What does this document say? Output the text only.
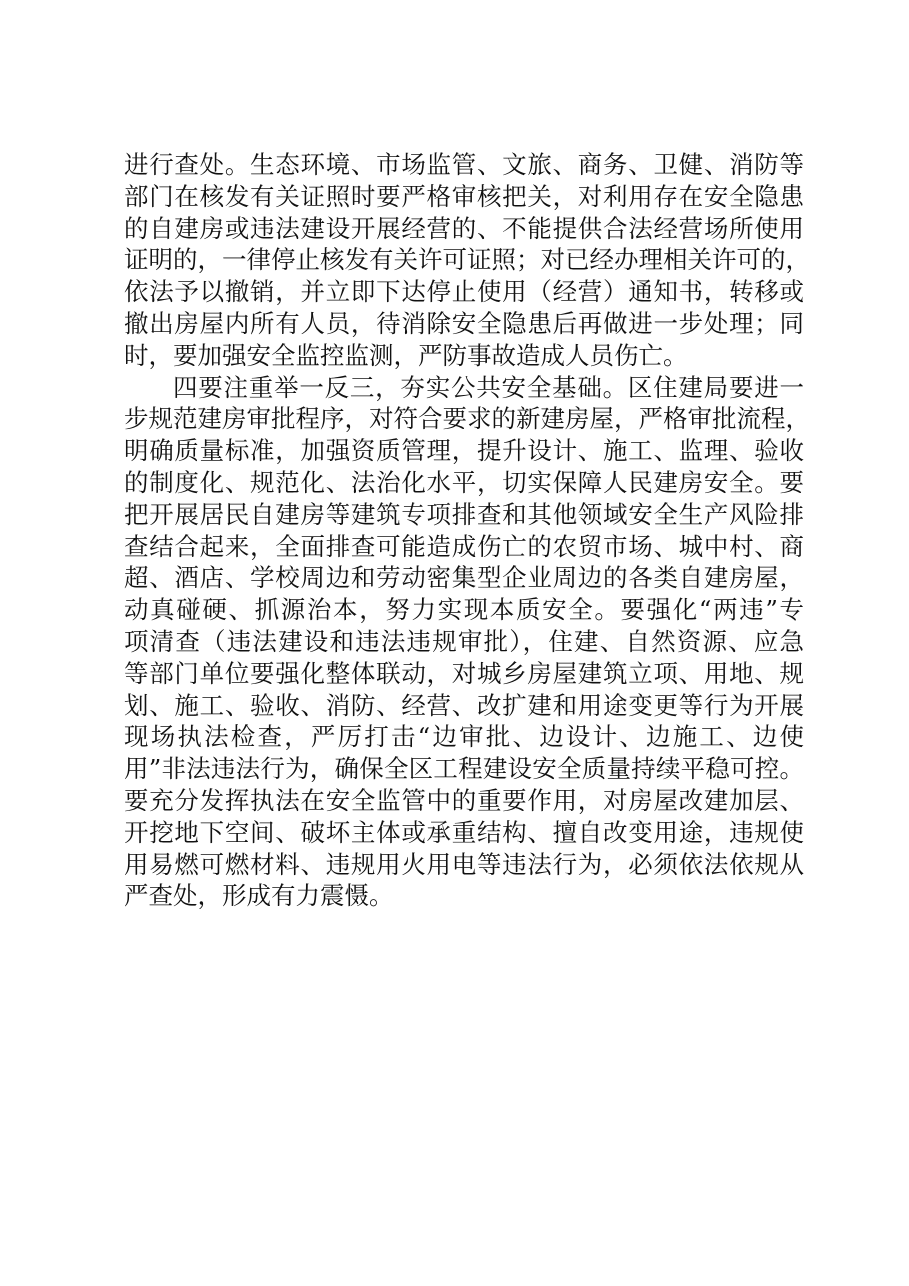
进行查处。生态环境、市场监管、文旅、商务、卫健、消防等
部门在核发有关证照时要严格审核把关，对利用存在安全隐患
的自建房或违法建设开展经营的、不能提供合法经营场所使用
证明的，一律停止核发有关许可证照；对已经办理相关许可的，
依法予以撤销，并立即下达停止使用（经营）通知书，转移或
撤出房屋内所有人员，待消除安全隐患后再做进一步处理；同
时，要加强安全监控监测，严防事故造成人员伤亡。
四要注重举一反三，夯实公共安全基础。区住建局要进一
步规范建房审批程序，对符合要求的新建房屋，严格审批流程，
明确质量标准，加强资质管理，提升设计、施工、监理、验收
的制度化、规范化、法治化水平，切实保障人民建房安全。要
把开展居民自建房等建筑专项排查和其他领域安全生产风险排
查结合起来，全面排查可能造成伤亡的农贸市场、城中村、商
超、酒店、学校周边和劳动密集型企业周边的各类自建房屋，
动真碰硬、抓源治本，努力实现本质安全。要强化“两违”专
项清查（违法建设和违法违规审批），住建、自然资源、应急
等部门单位要强化整体联动，对城乡房屋建筑立项、用地、规
划、施工、验收、消防、经营、改扩建和用途变更等行为开展
现场执法检查，严厉打击“边审批、边设计、边施工、边使
用”非法违法行为，确保全区工程建设安全质量持续平稳可控。
要充分发挥执法在安全监管中的重要作用，对房屋改建加层、
开挖地下空间、破坏主体或承重结构、擅自改变用途，违规使
用易燃可燃材料、违规用火用电等违法行为，必须依法依规从
严查处，形成有力震慑。
